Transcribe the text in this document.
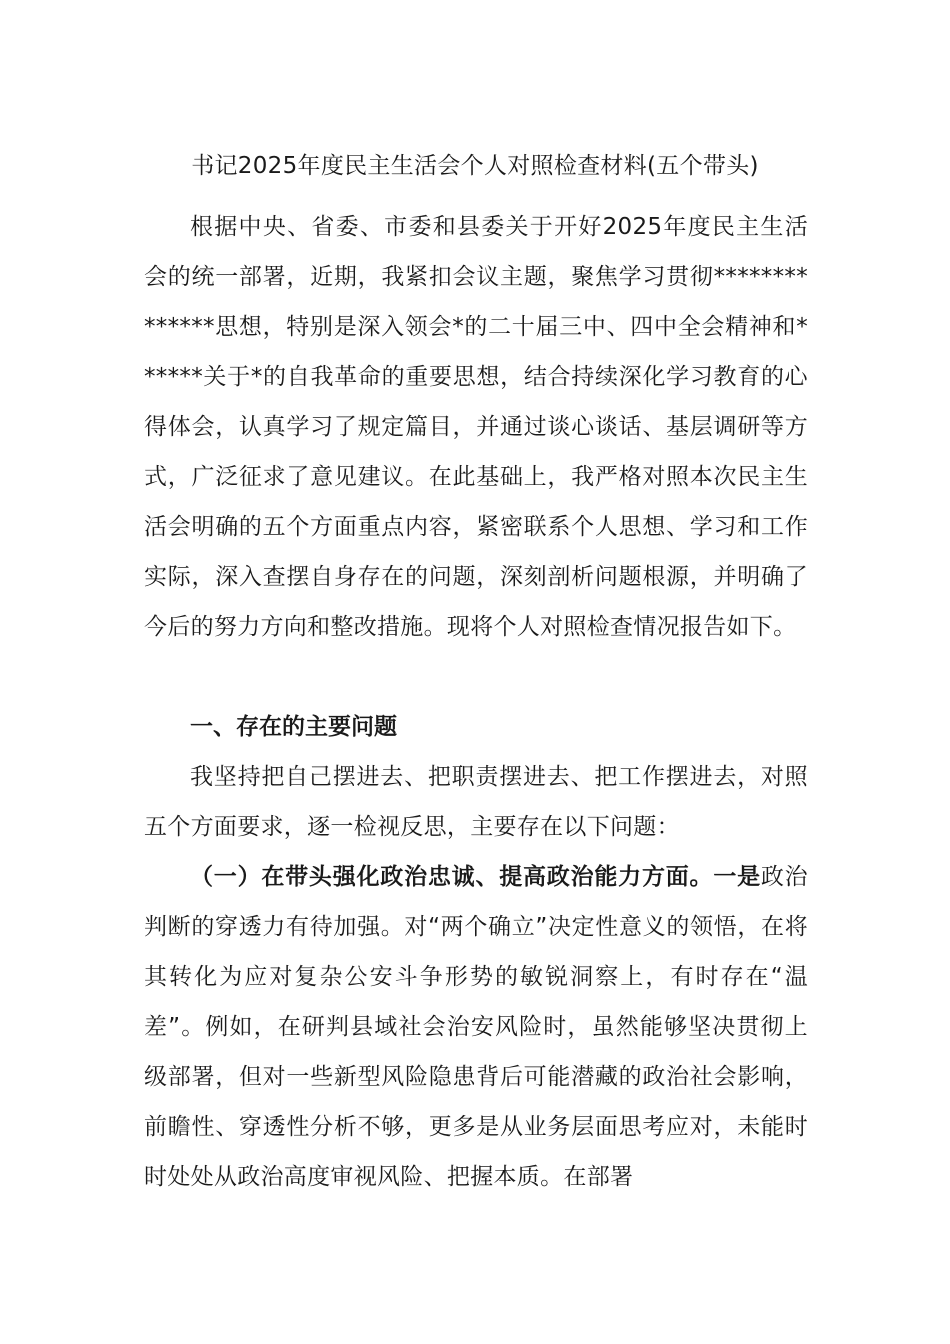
书记2025年度民主生活会个人对照检查材料(五个带头)

根据中央、省委、市委和县委关于开好2025年度民主生活会的统一部署，近期，我紧扣会议主题，聚焦学习贯彻**************思想，特别是深入领会*的二十届三中、四中全会精神和******关于*的自我革命的重要思想，结合持续深化学习教育的心得体会，认真学习了规定篇目，并通过谈心谈话、基层调研等方式，广泛征求了意见建议。在此基础上，我严格对照本次民主生活会明确的五个方面重点内容，紧密联系个人思想、学习和工作实际，深入查摆自身存在的问题，深刻剖析问题根源，并明确了今后的努力方向和整改措施。现将个人对照检查情况报告如下。

一、存在的主要问题

我坚持把自己摆进去、把职责摆进去、把工作摆进去，对照五个方面要求，逐一检视反思，主要存在以下问题：

（一）在带头强化政治忠诚、提高政治能力方面。一是政治判断的穿透力有待加强。对“两个确立”决定性意义的领悟，在将其转化为应对复杂公安斗争形势的敏锐洞察上，有时存在“温差”。例如，在研判县域社会治安风险时，虽然能够坚决贯彻上级部署，但对一些新型风险隐患背后可能潜藏的政治社会影响，前瞻性、穿透性分析不够，更多是从业务层面思考应对，未能时时处处从政治高度审视风险、把握本质。在部署
